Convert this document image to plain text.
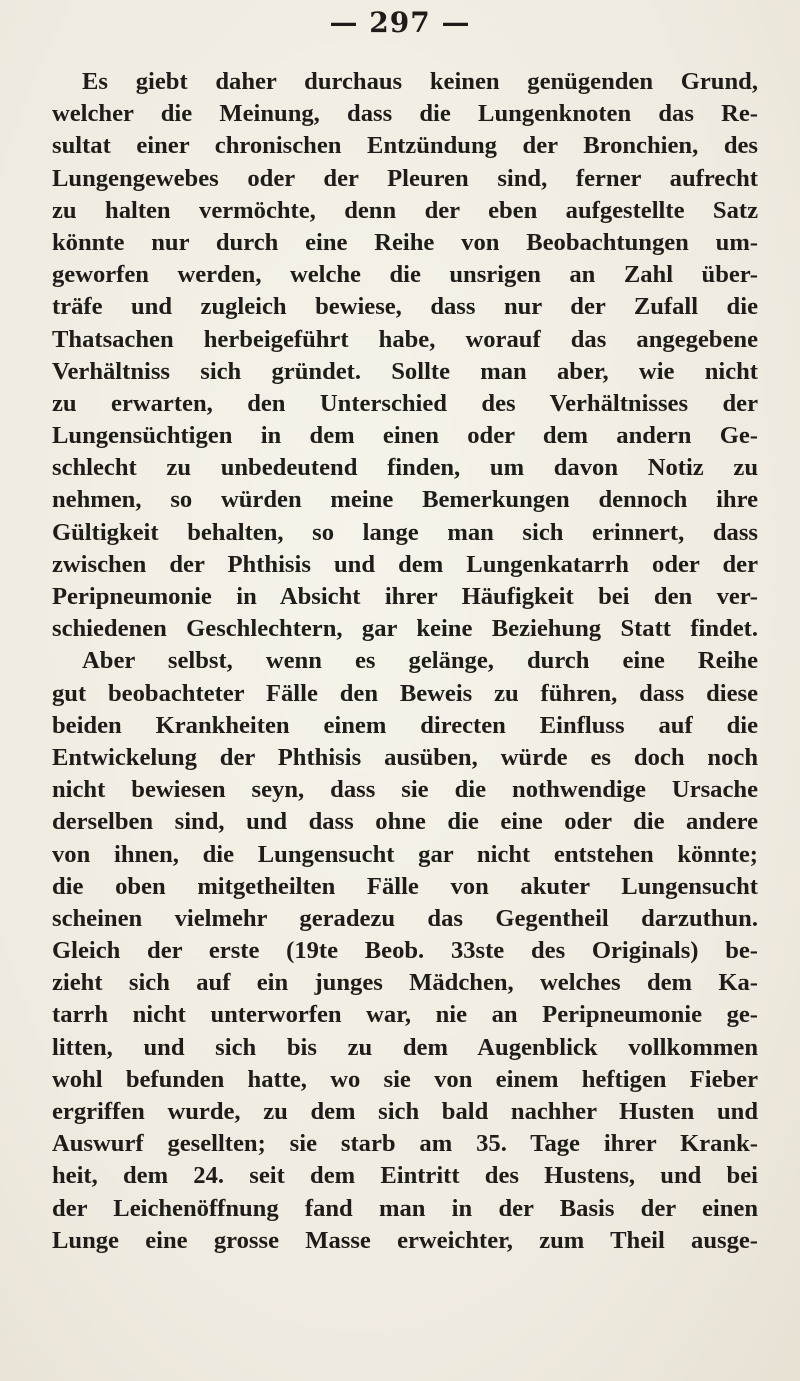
— 297 —
Es giebt daher durchaus keinen genügenden Grund,
welcher die Meinung, dass die Lungenknoten das Re-
sultat einer chronischen Entzündung der Bronchien, des
Lungengewebes oder der Pleuren sind, ferner aufrecht
zu halten vermöchte, denn der eben aufgestellte Satz
könnte nur durch eine Reihe von Beobachtungen um-
geworfen werden, welche die unsrigen an Zahl über-
träfe und zugleich bewiese, dass nur der Zufall die
Thatsachen herbeigeführt habe, worauf das angegebene
Verhältniss sich gründet. Sollte man aber, wie nicht
zu erwarten, den Unterschied des Verhältnisses der
Lungensüchtigen in dem einen oder dem andern Ge-
schlecht zu unbedeutend finden, um davon Notiz zu
nehmen, so würden meine Bemerkungen dennoch ihre
Gültigkeit behalten, so lange man sich erinnert, dass
zwischen der Phthisis und dem Lungenkatarrh oder der
Peripneumonie in Absicht ihrer Häufigkeit bei den ver-
schiedenen Geschlechtern, gar keine Beziehung Statt findet.
Aber selbst, wenn es gelänge, durch eine Reihe
gut beobachteter Fälle den Beweis zu führen, dass diese
beiden Krankheiten einem directen Einfluss auf die
Entwickelung der Phthisis ausüben, würde es doch noch
nicht bewiesen seyn, dass sie die nothwendige Ursache
derselben sind, und dass ohne die eine oder die andere
von ihnen, die Lungensucht gar nicht entstehen könnte;
die oben mitgetheilten Fälle von akuter Lungensucht
scheinen vielmehr geradezu das Gegentheil darzuthun.
Gleich der erste (19te Beob. 33ste des Originals) be-
zieht sich auf ein junges Mädchen, welches dem Ka-
tarrh nicht unterworfen war, nie an Peripneumonie ge-
litten, und sich bis zu dem Augenblick vollkommen
wohl befunden hatte, wo sie von einem heftigen Fieber
ergriffen wurde, zu dem sich bald nachher Husten und
Auswurf gesellten; sie starb am 35. Tage ihrer Krank-
heit, dem 24. seit dem Eintritt des Hustens, und bei
der Leichenöffnung fand man in der Basis der einen
Lunge eine grosse Masse erweichter, zum Theil ausge-
